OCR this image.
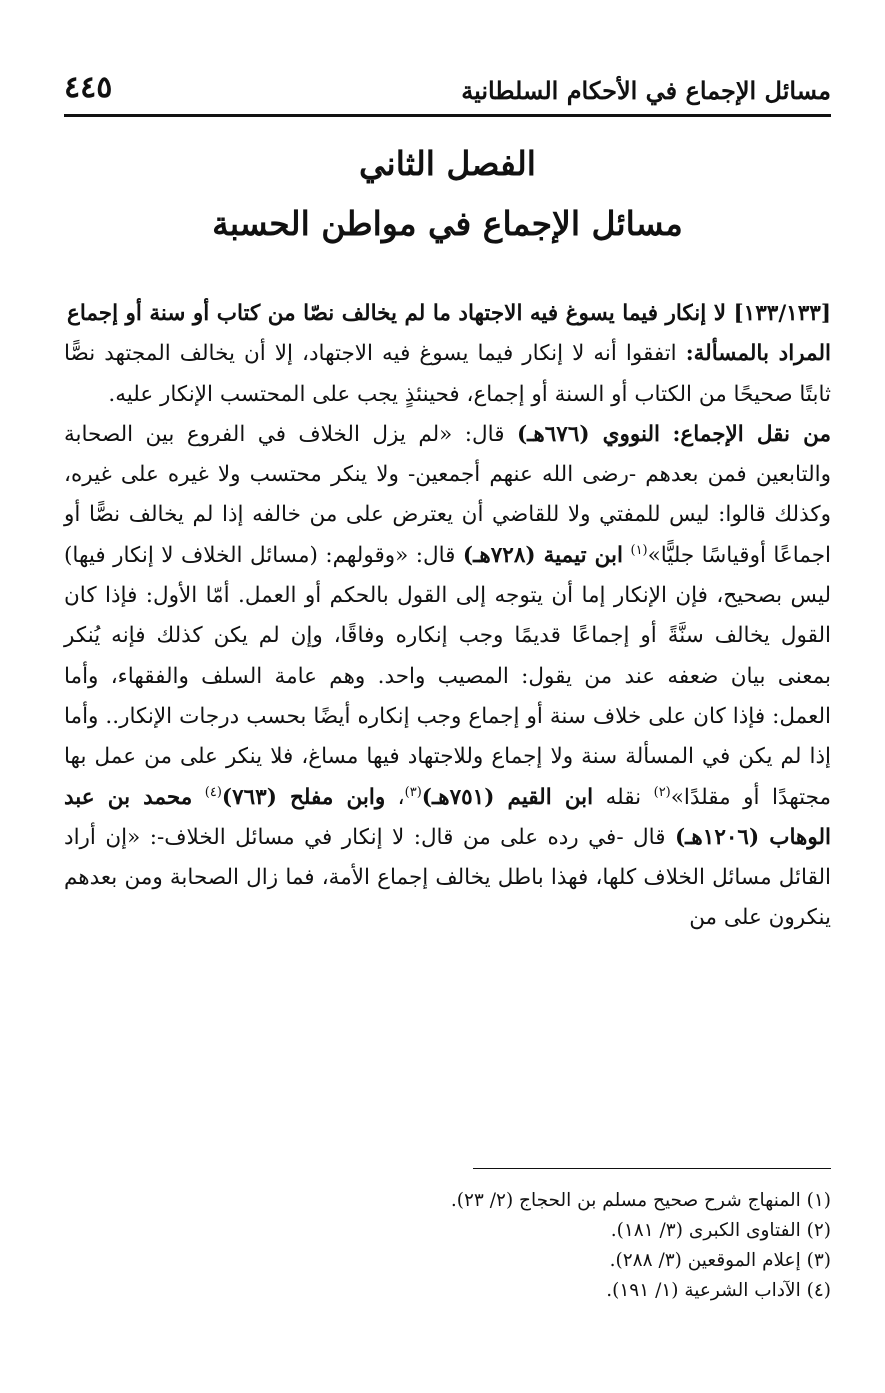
مسائل الإجماع في الأحكام السلطانية
٤٤٥
الفصل الثاني
مسائل الإجماع في مواطن الحسبة

[١٣٣/١٣٣] لا إنكار فيما يسوغ فيه الاجتهاد ما لم يخالف نصّا من كتاب أو سنة أو إجماع

المراد بالمسألة: اتفقوا أنه لا إنكار فيما يسوغ فيه الاجتهاد، إلا أن يخالف المجتهد نصًّا ثابتًا صحيحًا من الكتاب أو السنة أو إجماع، فحينئذٍ يجب على المحتسب الإنكار عليه.

من نقل الإجماع: النووي (٦٧٦هـ) قال: «لم يزل الخلاف في الفروع بين الصحابة والتابعين فمن بعدهم -رضى الله عنهم أجمعين- ولا ينكر محتسب ولا غيره على غيره، وكذلك قالوا: ليس للمفتي ولا للقاضي أن يعترض على من خالفه إذا لم يخالف نصًّا أو اجماعًا أوقياسًا جليًّا»$^{(١)}$ ابن تيمية (٧٢٨هـ) قال: «وقولهم: (مسائل الخلاف لا إنكار فيها) ليس بصحيح، فإن الإنكار إما أن يتوجه إلى القول بالحكم أو العمل. أمّا الأول: فإذا كان القول يخالف سنَّةً أو إجماعًا قديمًا وجب إنكاره وفاقًا، وإن لم يكن كذلك فإنه يُنكر بمعنى بيان ضعفه عند من يقول: المصيب واحد. وهم عامة السلف والفقهاء، وأما العمل: فإذا كان على خلاف سنة أو إجماع وجب إنكاره أيضًا بحسب درجات الإنكار.. وأما إذا لم يكن في المسألة سنة ولا إجماع وللاجتهاد فيها مساغ، فلا ينكر على من عمل بها مجتهدًا أو مقلدًا»$^{(٢)}$ نقله ابن القيم (٧٥١هـ)$^{(٣)}$، وابن مفلح (٧٦٣)$^{(٤)}$ محمد بن عبد الوهاب (١٢٠٦هـ) قال -في رده على من قال: لا إنكار في مسائل الخلاف-: «إن أراد القائل مسائل الخلاف كلها، فهذا باطل يخالف إجماع الأمة، فما زال الصحابة ومن بعدهم ينكرون على من

(١) المنهاج شرح صحيح مسلم بن الحجاج (٢/ ٢٣).
(٢) الفتاوى الكبرى (٣/ ١٨١).
(٣) إعلام الموقعين (٣/ ٢٨٨).
(٤) الآداب الشرعية (١/ ١٩١).
